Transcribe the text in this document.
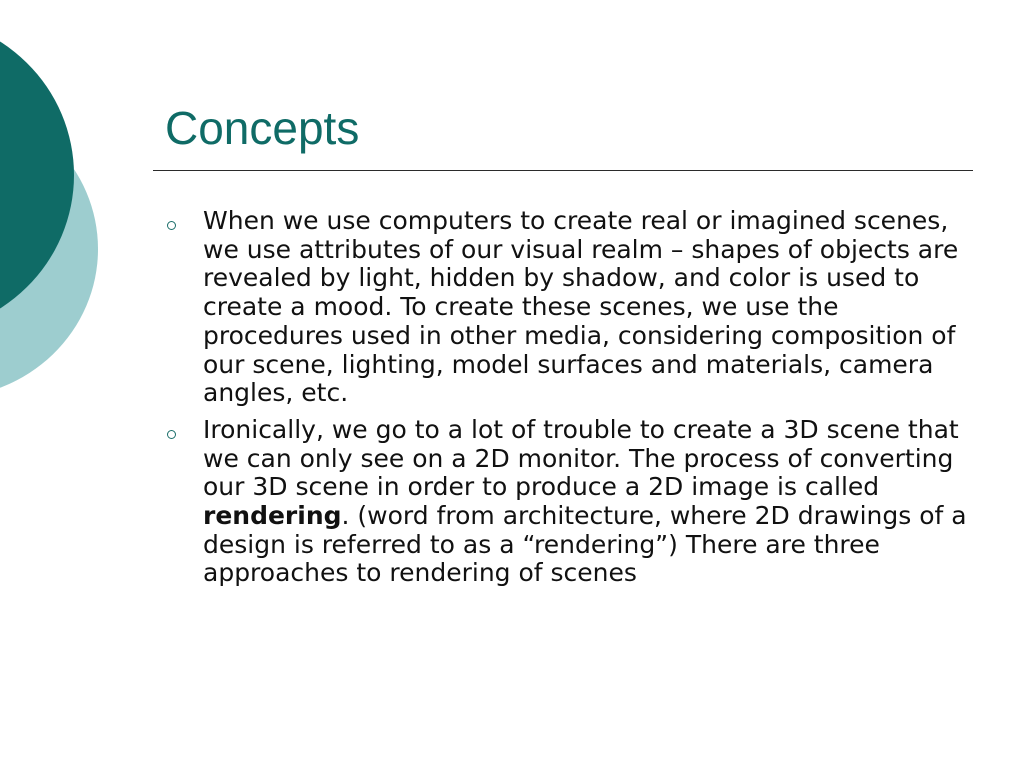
Concepts
When we use computers to create real or imagined scenes, we use attributes of our visual realm – shapes of objects are revealed by light, hidden by shadow, and color is used to create a mood. To create these scenes, we use the procedures used in other media, considering composition of our scene, lighting, model surfaces and materials, camera angles, etc.
Ironically, we go to a lot of trouble to create a 3D scene that we can only see on a 2D monitor. The process of converting our 3D scene in order to produce a 2D image is called rendering. (word from architecture, where 2D drawings of a design is referred to as a “rendering”) There are three approaches to rendering of scenes
